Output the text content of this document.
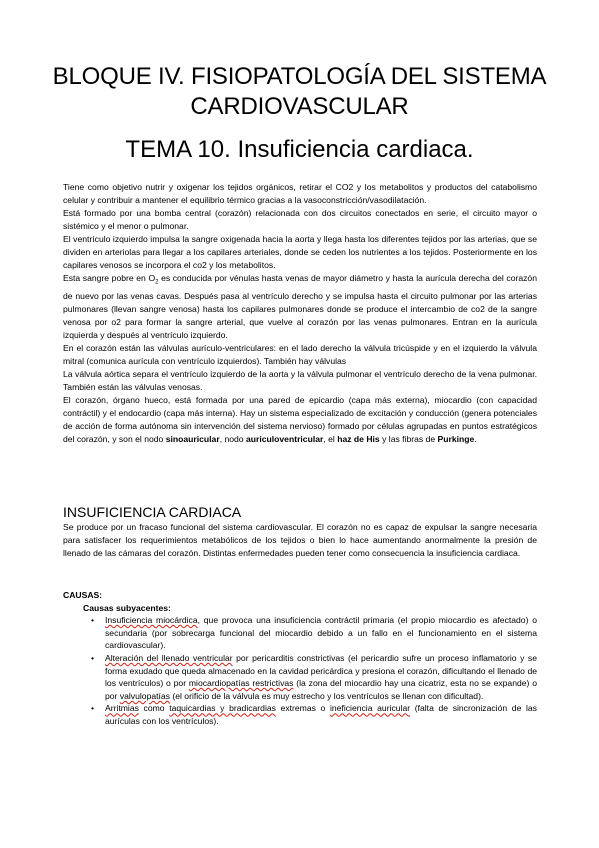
BLOQUE IV. FISIOPATOLOGÍA DEL SISTEMA
CARDIOVASCULAR
TEMA 10. Insuficiencia cardiaca.

Tiene como objetivo nutrir y oxigenar los tejidos orgánicos, retirar el CO2 y los metabolitos y productos del catabolismo celular y contribuir a mantener el equilibrio térmico gracias a la vasoconstricción/vasodilatación.

Está formado por una bomba central (corazón) relacionada con dos circuitos conectados en serie, el circuito mayor o sistémico y el menor o pulmonar.

El ventrículo izquierdo impulsa la sangre oxigenada hacia la aorta y llega hasta los diferentes tejidos por las arterias, que se dividen en arteriolas para llegar a los capilares arteriales, donde se ceden los nutrientes a los tejidos. Posteriormente en los capilares venosos se incorpora el co2 y los metabolitos.

Esta sangre pobre en $O_2$ es conducida por vénulas hasta venas de mayor diámetro y hasta la aurícula derecha del corazón de nuevo por las venas cavas. Después pasa al ventrículo derecho y se impulsa hasta el circuito pulmonar por las arterias pulmonares (llevan sangre venosa) hasta los capilares pulmonares donde se produce el intercambio de co2 de la sangre venosa por o2 para formar la sangre arterial, que vuelve al corazón por las venas pulmonares. Entran en la aurícula izquierda y después al ventrículo izquierdo.

En el corazón están las válvulas aurículo-ventriculares: en el lado derecho la válvula tricúspide y en el izquierdo la válvula mitral (comunica aurícula con ventrículo izquierdos). También hay válvulas

La válvula aórtica separa el ventrículo izquierdo de la aorta y la válvula pulmonar el ventrículo derecho de la vena pulmonar. También están las válvulas venosas.

El corazón, órgano hueco, está formada por una pared de epicardio (capa más externa), miocardio (con capacidad contráctil) y el endocardio (capa más interna). Hay un sistema especializado de excitación y conducción (genera potenciales de acción de forma autónoma sin intervención del sistema nervioso) formado por células agrupadas en puntos estratégicos del corazón, y son el nodo sinoauricular, nodo auriculoventricular, el haz de His y las fibras de Purkinge.

INSUFICIENCIA CARDIACA

Se produce por un fracaso funcional del sistema cardiovascular. El corazón no es capaz de expulsar la sangre necesaria para satisfacer los requerimientos metabólicos de los tejidos o bien lo hace aumentando anormalmente la presión de llenado de las cámaras del corazón. Distintas enfermedades pueden tener como consecuencia la insuficiencia cardiaca.

CAUSAS:
Causas subyacentes:
• Insuficiencia miocárdica, que provoca una insuficiencia contráctil primaria (el propio miocardio es afectado) o secundaria (por sobrecarga funcional del miocardio debido a un fallo en el funcionamiento en el sistema cardiovascular).
• Alteración del llenado ventricular por pericarditis constrictivas (el pericardio sufre un proceso inflamatorio y se forma exudado que queda almacenado en la cavidad pericárdica y presiona el corazón, dificultando el llenado de los ventrículos) o por miocardiopatías restrictivas (la zona del miocardio hay una cicatriz, esta no se expande) o por valvulopatías (el orificio de la válvula es muy estrecho y los ventrículos se llenan con dificultad).
• Arritmias como taquicardias y bradicardias extremas o ineficiencia auricular (falta de sincronización de las aurículas con los ventrículos).
